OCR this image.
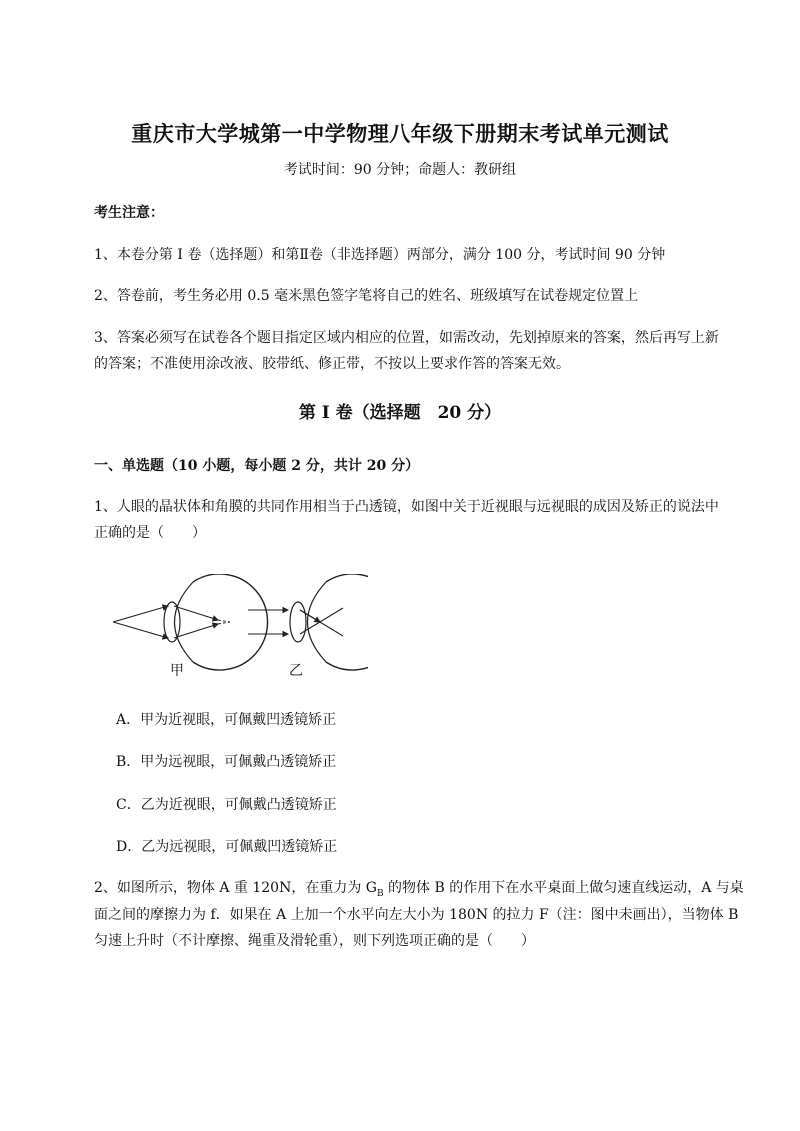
重庆市大学城第一中学物理八年级下册期末考试单元测试
考试时间：90 分钟；命题人：教研组
考生注意：
1、本卷分第 I 卷（选择题）和第Ⅱ卷（非选择题）两部分，满分 100 分，考试时间 90 分钟
2、答卷前，考生务必用 0.5 毫米黑色签字笔将自己的姓名、班级填写在试卷规定位置上
3、答案必须写在试卷各个题目指定区域内相应的位置，如需改动，先划掉原来的答案，然后再写上新
的答案；不准使用涂改液、胶带纸、修正带，不按以上要求作答的答案无效。
第 I 卷（选择题　20 分）
一、单选题（10 小题，每小题 2 分，共计 20 分）
1、人眼的晶状体和角膜的共同作用相当于凸透镜，如图中关于近视眼与远视眼的成因及矫正的说法中
正确的是（　　）
甲	乙
A．甲为近视眼，可佩戴凹透镜矫正
B．甲为远视眼，可佩戴凸透镜矫正
C．乙为近视眼，可佩戴凸透镜矫正
D．乙为远视眼，可佩戴凹透镜矫正
2、如图所示，物体 A 重 120N，在重力为 $G_B$ 的物体 B 的作用下在水平桌面上做匀速直线运动，A 与桌
面之间的摩擦力为 f．如果在 A 上加一个水平向左大小为 180N 的拉力 F（注：图中未画出），当物体 B
匀速上升时（不计摩擦、绳重及滑轮重），则下列选项正确的是（　　）
